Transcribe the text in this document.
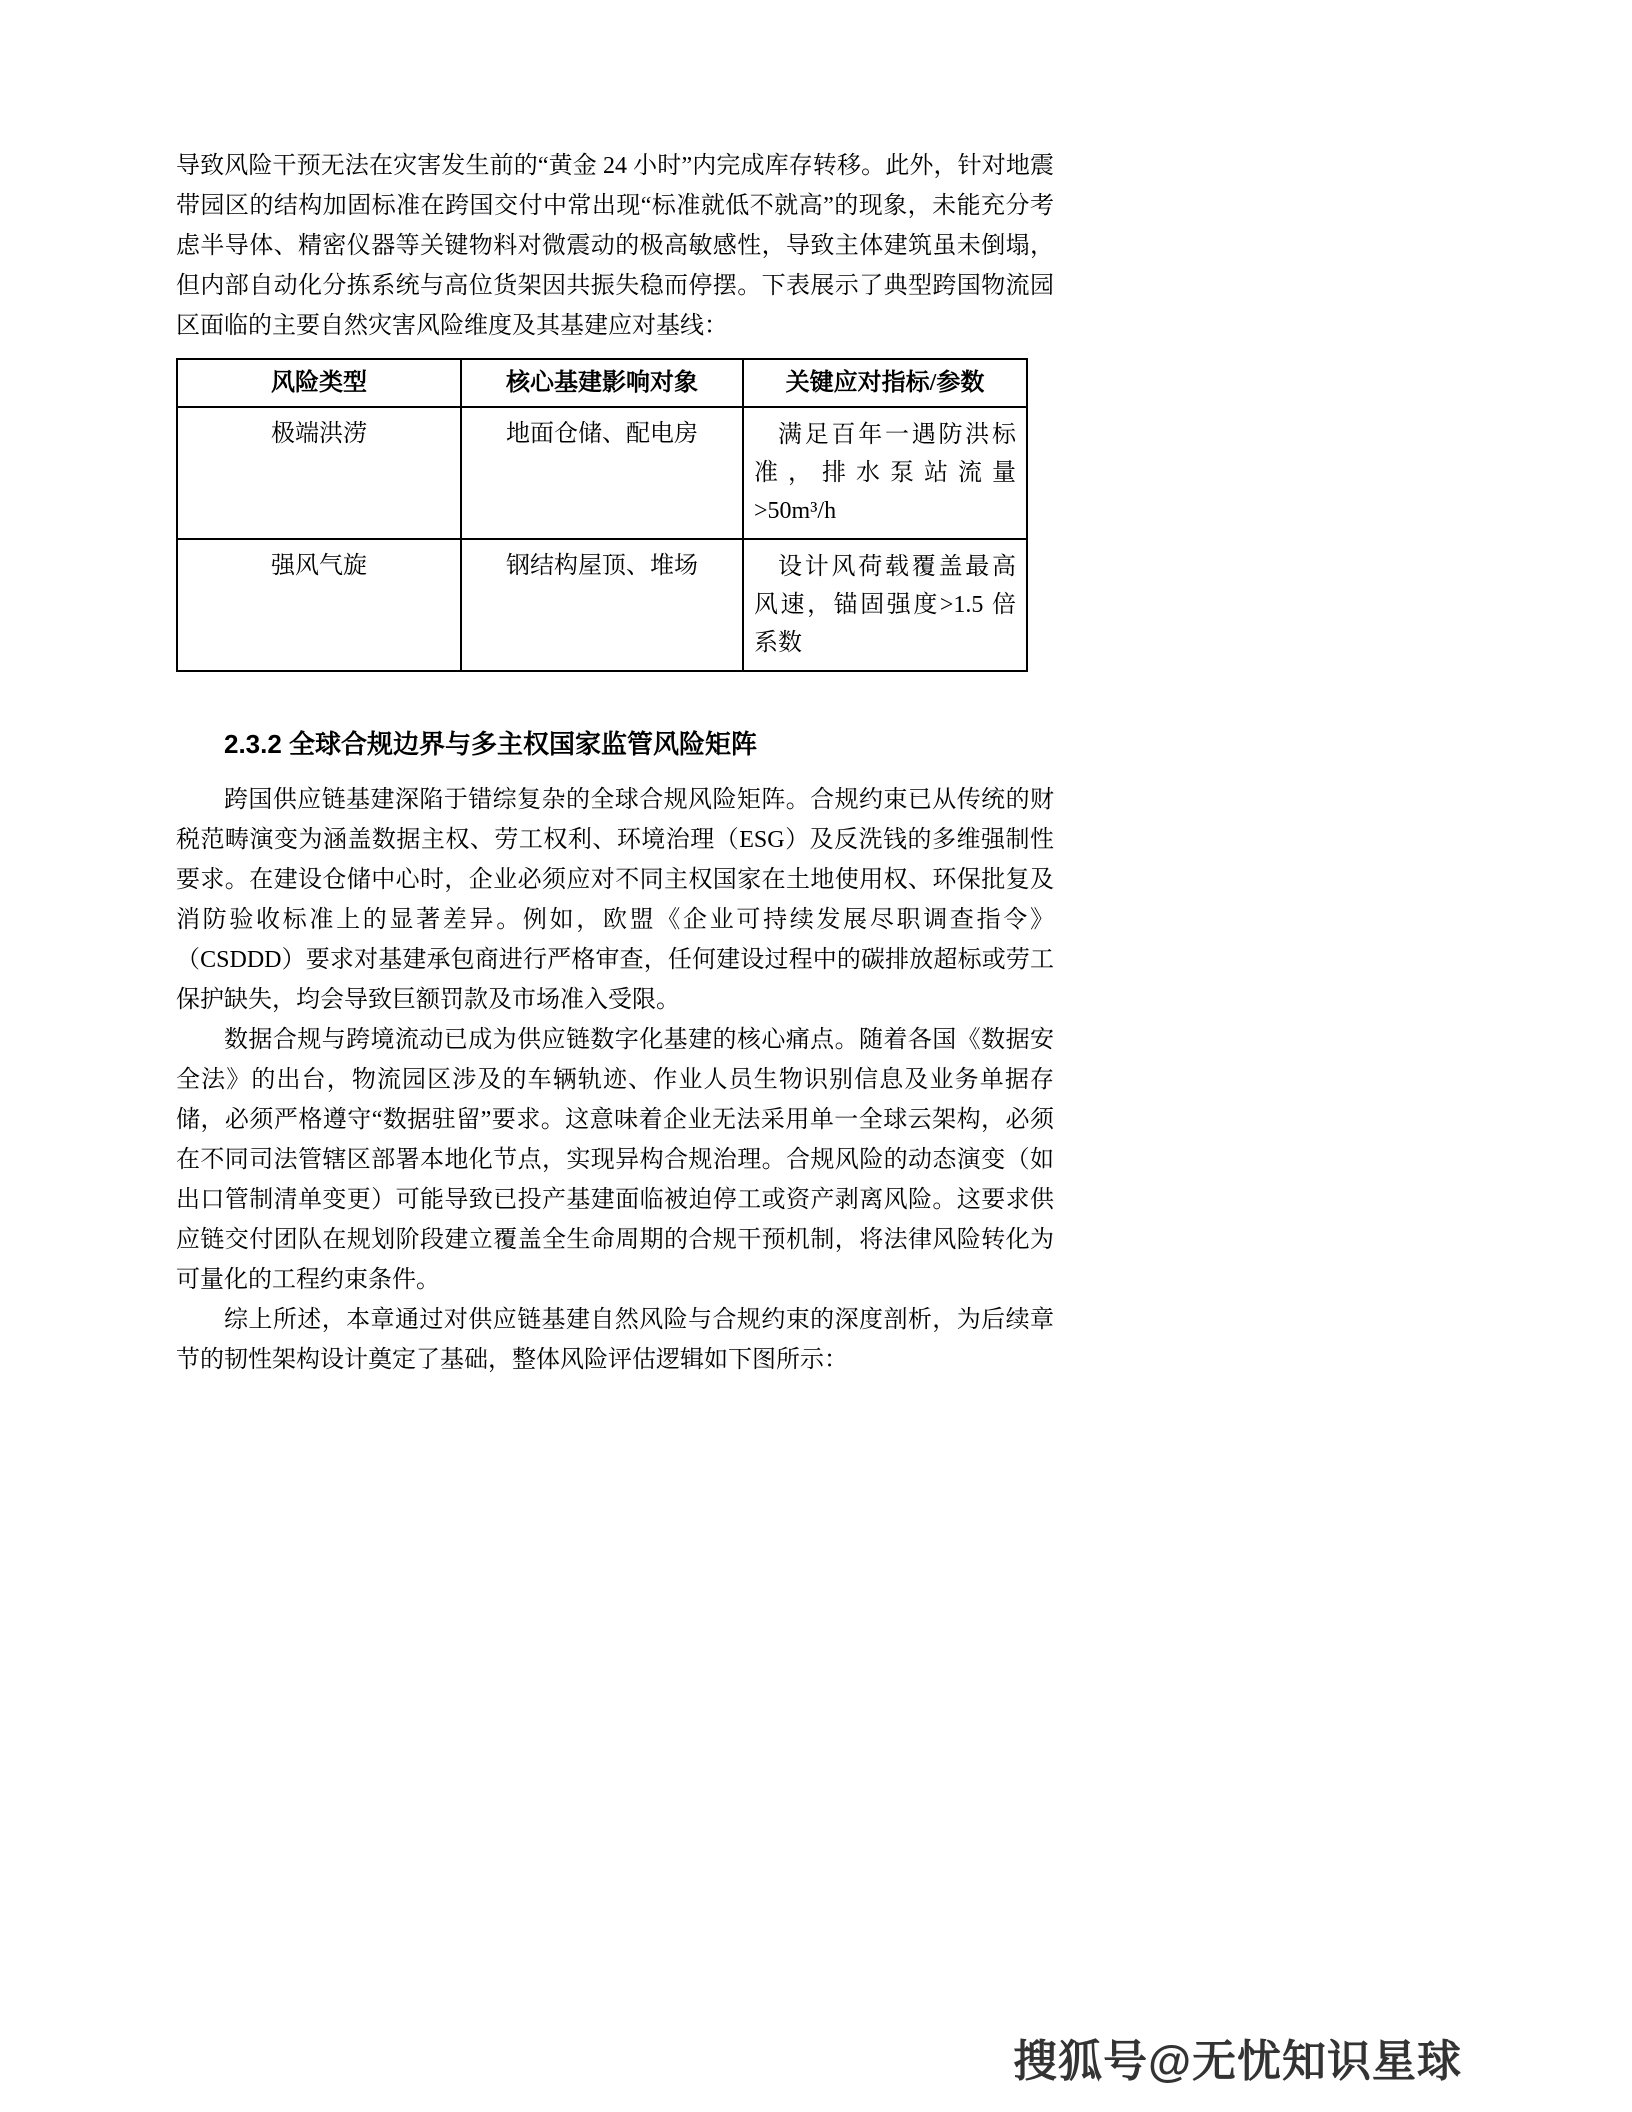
导致风险干预无法在灾害发生前的“黄金 24 小时”内完成库存转移。此外，针对地震带园区的结构加固标准在跨国交付中常出现“标准就低不就高”的现象，未能充分考虑半导体、精密仪器等关键物料对微震动的极高敏感性，导致主体建筑虽未倒塌，但内部自动化分拣系统与高位货架因共振失稳而停摆。下表展示了典型跨国物流园区面临的主要自然灾害风险维度及其基建应对基线：

风险类型	核心基建影响对象	关键应对指标/参数
极端洪涝	地面仓储、配电房	满足百年一遇防洪标准，排水泵站流量>50m³/h
强风气旋	钢结构屋顶、堆场	设计风荷载覆盖最高风速，锚固强度>1.5 倍系数
2.3.2 全球合规边界与多主权国家监管风险矩阵

跨国供应链基建深陷于错综复杂的全球合规风险矩阵。合规约束已从传统的财税范畴演变为涵盖数据主权、劳工权利、环境治理（ESG）及反洗钱的多维强制性要求。在建设仓储中心时，企业必须应对不同主权国家在土地使用权、环保批复及消防验收标准上的显著差异。例如，欧盟《企业可持续发展尽职调查指令》（CSDDD）要求对基建承包商进行严格审查，任何建设过程中的碳排放超标或劳工保护缺失，均会导致巨额罚款及市场准入受限。

数据合规与跨境流动已成为供应链数字化基建的核心痛点。随着各国《数据安全法》的出台，物流园区涉及的车辆轨迹、作业人员生物识别信息及业务单据存储，必须严格遵守“数据驻留”要求。这意味着企业无法采用单一全球云架构，必须在不同司法管辖区部署本地化节点，实现异构合规治理。合规风险的动态演变（如出口管制清单变更）可能导致已投产基建面临被迫停工或资产剥离风险。这要求供应链交付团队在规划阶段建立覆盖全生命周期的合规干预机制，将法律风险转化为可量化的工程约束条件。

综上所述，本章通过对供应链基建自然风险与合规约束的深度剖析，为后续章节的韧性架构设计奠定了基础，整体风险评估逻辑如下图所示：

搜狐号@无忧知识星球
